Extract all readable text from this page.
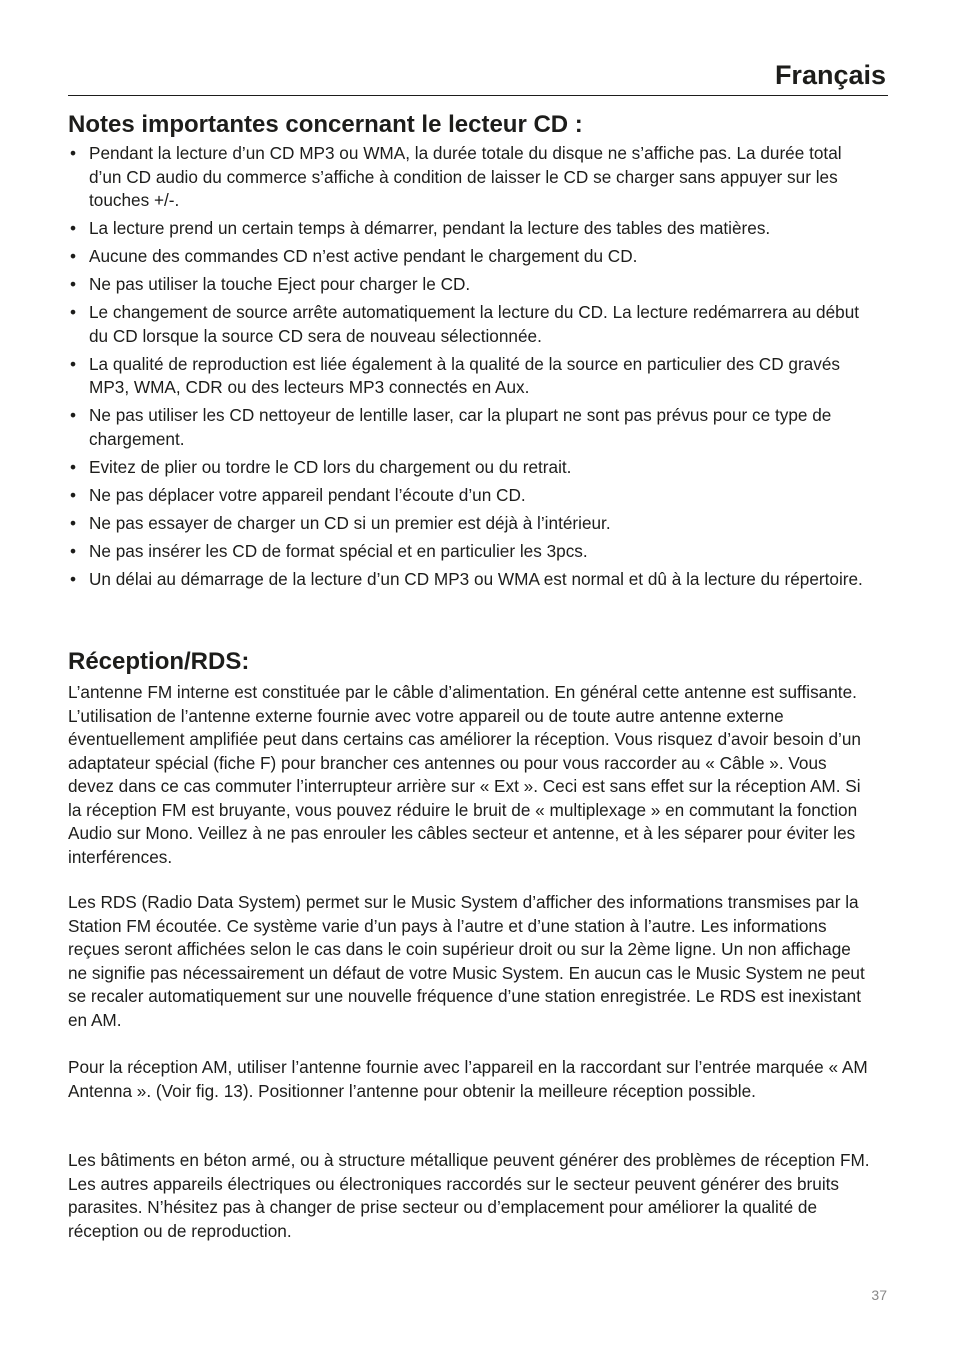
Français
Notes importantes concernant le lecteur CD :
• Pendant la lecture d’un CD MP3 ou WMA, la durée totale du disque ne s’affiche pas. La durée total d’un CD audio du commerce s’affiche à condition de laisser le CD se charger sans appuyer sur les touches +/-.
• La lecture prend un certain temps à démarrer, pendant la lecture des tables des matières.
• Aucune des commandes CD n’est active pendant le chargement du CD.
• Ne pas utiliser la touche Eject pour charger le CD.
• Le changement de source arrête automatiquement la lecture du CD. La lecture redémarrera au début du CD lorsque la source CD sera de nouveau sélectionnée.
• La qualité de reproduction est liée également à la qualité de la source en particulier des CD gravés MP3, WMA, CDR ou des lecteurs MP3 connectés en Aux.
• Ne pas utiliser les CD nettoyeur de lentille laser, car la plupart ne sont pas prévus pour ce type de chargement.
• Evitez de plier ou tordre le CD lors du chargement ou du retrait.
• Ne pas déplacer votre appareil pendant l’écoute d’un CD.
• Ne pas essayer de charger un CD si un premier est déjà à l’intérieur.
• Ne pas insérer les CD de format spécial et en particulier les 3pcs.
• Un délai au démarrage de la lecture d’un CD MP3 ou WMA est normal et dû à la lecture du répertoire.
Réception/RDS:

L’antenne FM interne est constituée par le câble d’alimentation. En général cette antenne est suffisante. L’utilisation de l’antenne externe fournie avec votre appareil ou de toute autre antenne externe éventuellement amplifiée peut dans certains cas améliorer la réception. Vous risquez d’avoir besoin d’un adaptateur spécial (fiche F) pour brancher ces antennes ou pour vous raccorder au « Câble ». Vous devez dans ce cas commuter l’interrupteur arrière sur « Ext ». Ceci est sans effet sur la réception AM. Si la réception FM est bruyante, vous pouvez réduire le bruit de « multiplexage » en commutant la fonction Audio sur Mono. Veillez à ne pas enrouler les câbles secteur et antenne, et à les séparer pour éviter les interférences.

Les RDS (Radio Data System) permet sur le Music System d’afficher des informations transmises par la Station FM écoutée. Ce système varie d’un pays à l’autre et d’une station à l’autre. Les informations reçues seront affichées selon le cas dans le coin supérieur droit ou sur la 2ème ligne. Un non affichage ne signifie pas nécessairement un défaut de votre Music System. En aucun cas le Music System ne peut se recaler automatiquement sur une nouvelle fréquence d’une station enregistrée. Le RDS est inexistant en AM.

Pour la réception AM, utiliser l’antenne fournie avec l’appareil en la raccordant sur l’entrée marquée « AM Antenna ». (Voir fig. 13). Positionner l’antenne pour obtenir la meilleure réception possible.

Les bâtiments en béton armé, ou à structure métallique peuvent générer des problèmes de réception FM. Les autres appareils électriques ou électroniques raccordés sur le secteur peuvent générer des bruits parasites. N’hésitez pas à changer de prise secteur ou d’emplacement pour améliorer la qualité de réception ou de reproduction.

37
